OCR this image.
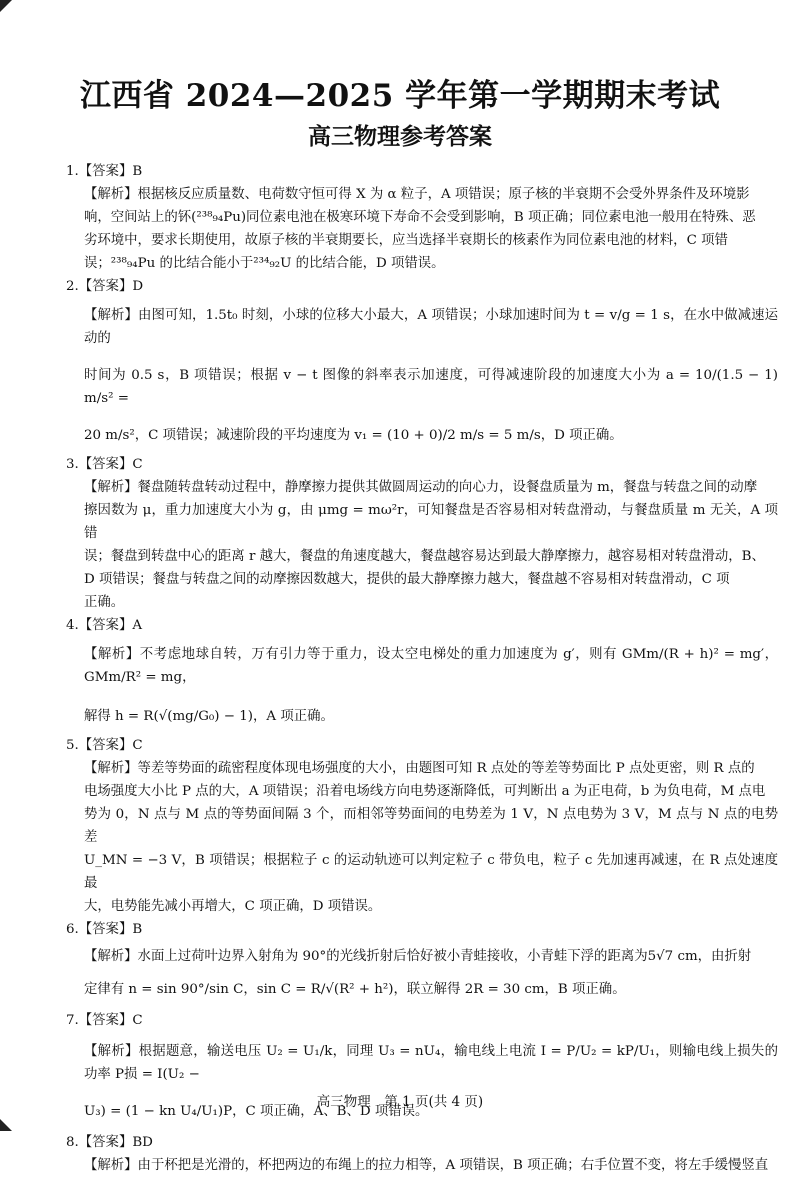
江西省 2024—2025 学年第一学期期末考试
高三物理参考答案
1.【答案】B
【解析】根据核反应质量数、电荷数守恒可得 X 为 α 粒子，A 项错误；原子核的半衰期不会受外界条件及环境影
响，空间站上的钚(²³⁸₉₄Pu)同位素电池在极寒环境下寿命不会受到影响，B 项正确；同位素电池一般用在特殊、恶
劣环境中，要求长期使用，故原子核的半衰期要长，应当选择半衰期长的核素作为同位素电池的材料，C 项错
误；²³⁸₉₄Pu 的比结合能小于²³⁴₉₂U 的比结合能，D 项错误。
2.【答案】D
【解析】由图可知，1.5t₀ 时刻，小球的位移大小最大，A 项错误；小球加速时间为 t = v/g = 1 s，在水中做减速运动的
时间为 0.5 s，B 项错误；根据 v − t 图像的斜率表示加速度，可得减速阶段的加速度大小为 a = 10/(1.5 − 1) m/s² =
20 m/s²，C 项错误；减速阶段的平均速度为 v₁ = (10 + 0)/2 m/s = 5 m/s，D 项正确。
3.【答案】C
【解析】餐盘随转盘转动过程中，静摩擦力提供其做圆周运动的向心力，设餐盘质量为 m，餐盘与转盘之间的动摩
擦因数为 μ，重力加速度大小为 g，由 μmg = mω²r，可知餐盘是否容易相对转盘滑动，与餐盘质量 m 无关，A 项错
误；餐盘到转盘中心的距离 r 越大，餐盘的角速度越大，餐盘越容易达到最大静摩擦力，越容易相对转盘滑动，B、
D 项错误；餐盘与转盘之间的动摩擦因数越大，提供的最大静摩擦力越大，餐盘越不容易相对转盘滑动，C 项
正确。
4.【答案】A
【解析】不考虑地球自转，万有引力等于重力，设太空电梯处的重力加速度为 g′，则有 GMm/(R + h)² = mg′，GMm/R² = mg，
解得 h = R(√(mg/G₀) − 1)，A 项正确。
5.【答案】C
【解析】等差等势面的疏密程度体现电场强度的大小，由题图可知 R 点处的等差等势面比 P 点处更密，则 R 点的
电场强度大小比 P 点的大，A 项错误；沿着电场线方向电势逐渐降低，可判断出 a 为正电荷，b 为负电荷，M 点电
势为 0，N 点与 M 点的等势面间隔 3 个，而相邻等势面间的电势差为 1 V，N 点电势为 3 V，M 点与 N 点的电势差
U_MN = −3 V，B 项错误；根据粒子 c 的运动轨迹可以判定粒子 c 带负电，粒子 c 先加速再减速，在 R 点处速度最
大，电势能先减小再增大，C 项正确，D 项错误。
6.【答案】B
【解析】水面上过荷叶边界入射角为 90°的光线折射后恰好被小青蛙接收，小青蛙下浮的距离为5√7 cm，由折射
定律有 n = sin 90°/sin C，sin C = R/√(R² + h²)，联立解得 2R = 30 cm，B 项正确。
7.【答案】C
【解析】根据题意，输送电压 U₂ = U₁/k，同理 U₃ = nU₄，输电线上电流 I = P/U₂ = kP/U₁，则输电线上损失的功率 P损 = I(U₂ −
U₃) = (1 − kn U₄/U₁)P，C 项正确，A、B、D 项错误。
8.【答案】BD
【解析】由于杯把是光滑的，杯把两边的布绳上的拉力相等，A 项错误，B 项正确；右手位置不变，将左手缓慢竖直
高三物理　第 1 页(共 4 页)
